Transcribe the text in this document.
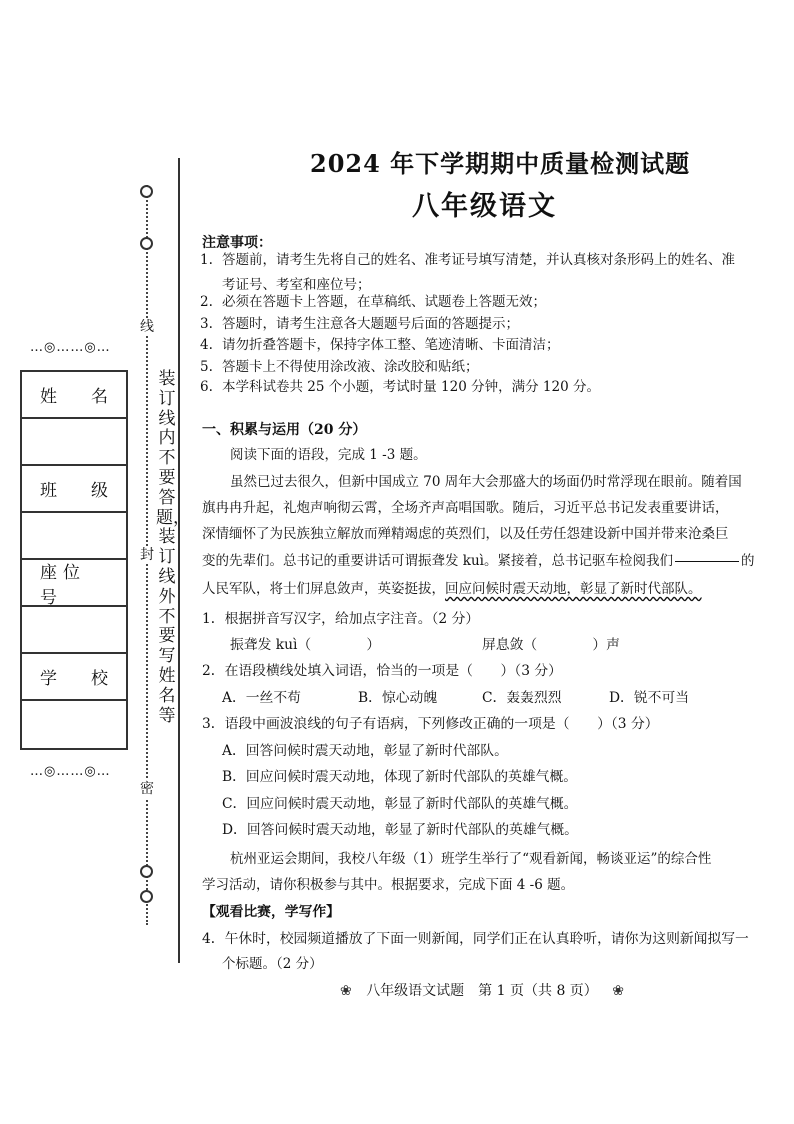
线
封
密
装订线内不要答题，装订线外不要写姓名等
…◎……◎…
…◎……◎…
姓 名
班 级
座位号
学 校
2024 年下学期期中质量检测试题
八年级语文
注意事项：
1. 答题前，请考生先将自己的姓名、准考证号填写清楚，并认真核对条形码上的姓名、准
考证号、考室和座位号；
2. 必须在答题卡上答题，在草稿纸、试题卷上答题无效；
3. 答题时，请考生注意各大题题号后面的答题提示；
4. 请勿折叠答题卡，保持字体工整、笔迹清晰、卡面清洁；
5. 答题卡上不得使用涂改液、涂改胶和贴纸；
6. 本学科试卷共 25 个小题，考试时量 120 分钟，满分 120 分。
一、积累与运用（20 分）
阅读下面的语段，完成 1 -3 题。
虽然已过去很久，但新中国成立 70 周年大会那盛大的场面仍时常浮现在眼前。随着国
旗冉冉升起，礼炮声响彻云霄，全场齐声高唱国歌。随后，习近平总书记发表重要讲话，
深情缅怀了为民族独立解放而殚精竭虑的英烈们，以及任劳任怨建设新中国并带来沧桑巨
变的先辈们。总书记的重要讲话可谓振聋发 kuì。紧接着，总书记驱车检阅我们	的
人民军队，将士们屏息敛声，英姿挺拔，回应问候时震天动地，彰显了新时代部队。
1．根据拼音写汉字，给加点字注音。（2 分）
振聋发 kuì（　　　　）	屏息敛（　　　　）声
2．在语段横线处填入词语，恰当的一项是（　　）（3 分）
A．一丝不苟	B．惊心动魄	C．轰轰烈烈	D．锐不可当
3．语段中画波浪线的句子有语病，下列修改正确的一项是（　　）（3 分）
A．回答问候时震天动地，彰显了新时代部队。
B．回应问候时震天动地，体现了新时代部队的英雄气概。
C．回应问候时震天动地，彰显了新时代部队的英雄气概。
D．回答问候时震天动地，彰显了新时代部队的英雄气概。
杭州亚运会期间，我校八年级（1）班学生举行了“观看新闻，畅谈亚运”的综合性
学习活动，请你积极参与其中。根据要求，完成下面 4 -6 题。
【观看比赛，学写作】
4．午休时，校园频道播放了下面一则新闻，同学们正在认真聆听，请你为这则新闻拟写一
个标题。（2 分）
❀ 八年级语文试题　第 1 页（共 8 页） ❀
